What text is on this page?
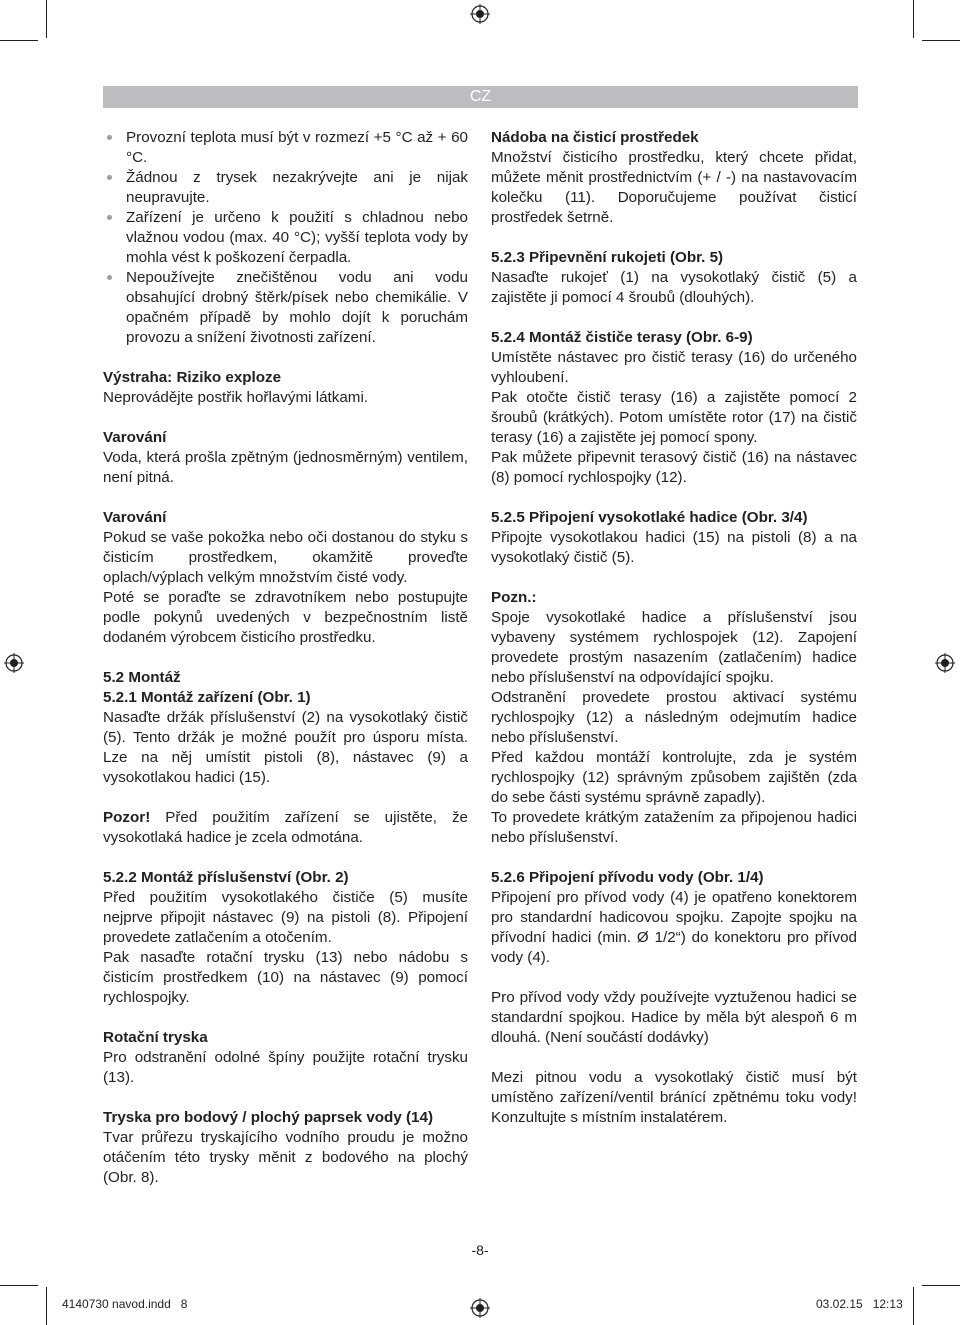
CZ
Provozní teplota musí být v rozmezí +5 °C až + 60 °C.
Žádnou z trysek nezakrývejte ani je nijak neupravujte.
Zařízení je určeno k použití s chladnou nebo vlažnou vodou (max. 40 °C); vyšší teplota vody by mohla vést k poškození čerpadla.
Nepoužívejte znečištěnou vodu ani vodu obsahující drobný štěrk/písek nebo chemikálie. V opačném případě by mohlo dojít k poruchám provozu a snížení životnosti zařízení.
Výstraha: Riziko exploze
Neprovádějte postřik hořlavými látkami.
Varování
Voda, která prošla zpětným (jednosměrným) ventilem, není pitná.
Varování
Pokud se vaše pokožka nebo oči dostanou do styku s čisticím prostředkem, okamžitě proveďte oplach/výplach velkým množstvím čisté vody.
Poté se poraďte se zdravotníkem nebo postupujte podle pokynů uvedených v bezpečnostním listě dodaném výrobcem čisticího prostředku.
5.2 Montáž
5.2.1 Montáž zařízení (Obr. 1)
Nasaďte držák příslušenství (2) na vysokotlaký čistič (5). Tento držák je možné použít pro úsporu místa. Lze na něj umístit pistoli (8), nástavec (9) a vysokotlakou hadici (15).
Pozor! Před použitím zařízení se ujistěte, že vysokotlaká hadice je zcela odmotána.
5.2.2 Montáž příslušenství (Obr. 2)
Před použitím vysokotlakého čističe (5) musíte nejprve připojit nástavec (9) na pistoli (8). Připojení provedete zatlačením a otočením.
Pak nasaďte rotační trysku (13) nebo nádobu s čisticím prostředkem (10) na nástavec (9) pomocí rychlospojky.
Rotační tryska
Pro odstranění odolné špíny použijte rotační trysku (13).
Tryska pro bodový / plochý paprsek vody (14)
Tvar průřezu tryskajícího vodního proudu je možno otáčením této trysky měnit z bodového na plochý (Obr. 8).
Nádoba na čisticí prostředek
Množství čisticího prostředku, který chcete přidat, můžete měnit prostřednictvím (+ / -) na nastavovacím kolečku (11). Doporučujeme používat čisticí prostředek šetrně.
5.2.3 Připevnění rukojeti (Obr. 5)
Nasaďte rukojeť (1) na vysokotlaký čistič (5) a zajistěte ji pomocí 4 šroubů (dlouhých).
5.2.4 Montáž čističe terasy (Obr. 6-9)
Umístěte nástavec pro čistič terasy (16) do určeného vyhloubení.
Pak otočte čistič terasy (16) a zajistěte pomocí 2 šroubů (krátkých). Potom umístěte rotor (17) na čistič terasy (16) a zajistěte jej pomocí spony.
Pak můžete připevnit terasový čistič (16) na nástavec (8) pomocí rychlospojky (12).
5.2.5 Připojení vysokotlaké hadice (Obr. 3/4)
Připojte vysokotlakou hadici (15) na pistoli (8) a na vysokotlaký čistič (5).
Pozn.:
Spoje vysokotlaké hadice a příslušenství jsou vybaveny systémem rychlospojek (12). Zapojení provedete prostým nasazením (zatlačením) hadice nebo příslušenství na odpovídající spojku.
Odstranění provedete prostou aktivací systému rychlospojky (12) a následným odejmutím hadice nebo příslušenství.
Před každou montáží kontrolujte, zda je systém rychlospojky (12) správným způsobem zajištěn (zda do sebe části systému správně zapadly).
To provedete krátkým zatažením za připojenou hadici nebo příslušenství.
5.2.6 Připojení přívodu vody (Obr. 1/4)
Připojení pro přívod vody (4) je opatřeno konektorem pro standardní hadicovou spojku. Zapojte spojku na přívodní hadici (min. Ø 1/2“) do konektoru pro přívod vody (4).
Pro přívod vody vždy používejte vyztuženou hadici se standardní spojkou. Hadice by měla být alespoň 6 m dlouhá. (Není součástí dodávky)
Mezi pitnou vodu a vysokotlaký čistič musí být umístěno zařízení/ventil bránící zpětnému toku vody! Konzultujte s místním instalatérem.
-8-
4140730 navod.indd   8	03.02.15   12:13
